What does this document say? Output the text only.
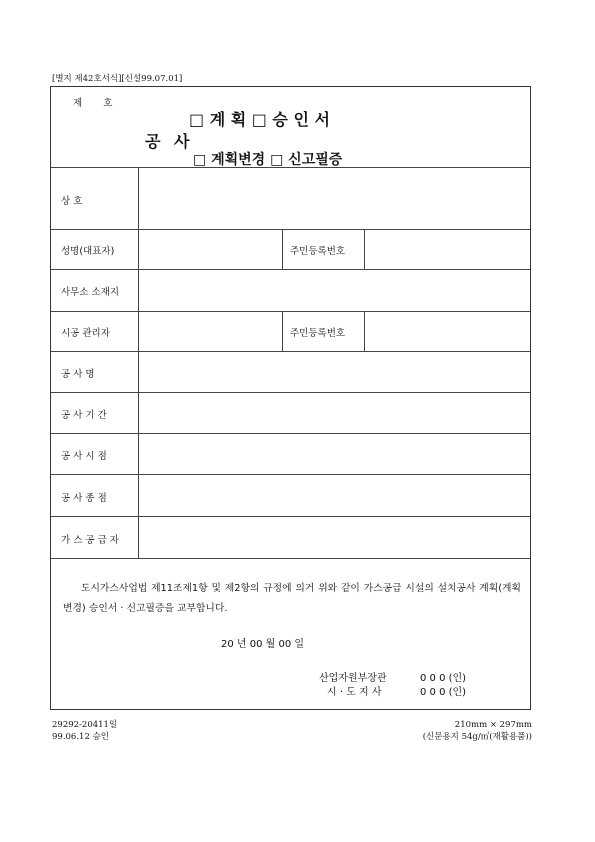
[별지 제42호서식][신설99.07.01]
제 호
공 사
□ 계 획 □ 승 인 서
□ 계획변경 □ 신고필증
상 호
성명(대표자)	주민등록번호
사무소 소재지
시공 관리자	주민등록번호
공 사 명
공 사 기 간
공 사 시 점
공 사 종 점
가 스 공 급 자
도시가스사업법 제11조제1항 및 제2항의 규정에 의거 위와 같이 가스공급 시설의 설치공사 계획(계획변경) 승인서 · 신고필증을 교부합니다.
20 년 00 월 00 일
산업자원부장관	0 0 0 (인)
시 · 도 지 사	0 0 0 (인)
29292-20411일
99.06.12 승인
210mm × 297mm
(신문용지 54g/㎡(재활용품))
